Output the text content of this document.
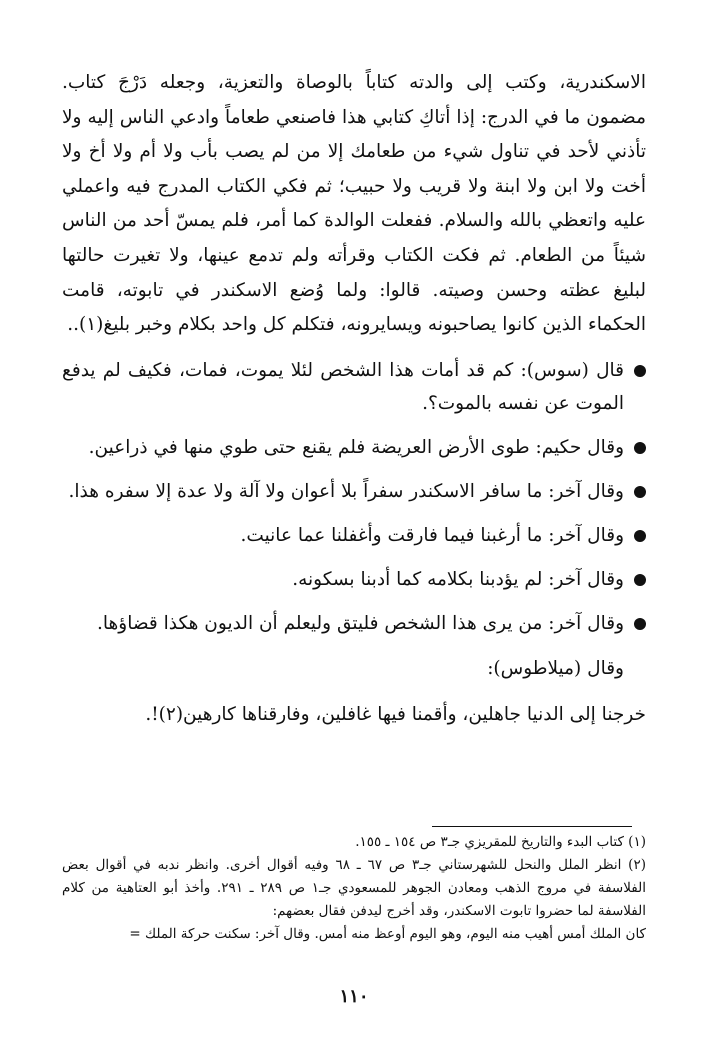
الاسكندرية، وكتب إلى والدته كتاباً بالوصاة والتعزية، وجعله دَرْجَ كتاب. مضمون ما في الدرج: إذا أتاكِ كتابي هذا فاصنعي طعاماً وادعي الناس إليه ولا تأذني لأحد في تناول شيء من طعامك إلا من لم يصب بأب ولا أم ولا أخ ولا أخت ولا ابن ولا ابنة ولا قريب ولا حبيب؛ ثم فكي الكتاب المدرج فيه واعملي عليه واتعظي بالله والسلام. ففعلت الوالدة كما أمر، فلم يمسّ أحد من الناس شيئاً من الطعام. ثم فكت الكتاب وقرأته ولم تدمع عينها، ولا تغيرت حالتها لبليغ عظته وحسن وصيته. قالوا: ولما وُضع الاسكندر في تابوته، قامت الحكماء الذين كانوا يصاحبونه ويسايرونه، فتكلم كل واحد بكلام وخبر بليغ(١)..

قال (سوس): كم قد أمات هذا الشخص لئلا يموت، فمات، فكيف لم يدفع الموت عن نفسه بالموت؟.
وقال حكيم: طوى الأرض العريضة فلم يقنع حتى طوي منها في ذراعين.
وقال آخر: ما سافر الاسكندر سفراً بلا أعوان ولا آلة ولا عدة إلا سفره هذا.
وقال آخر: ما أرغبنا فيما فارقت وأغفلنا عما عانيت.
وقال آخر: لم يؤدبنا بكلامه كما أدبنا بسكونه.
وقال آخر: من يرى هذا الشخص فليتق وليعلم أن الديون هكذا قضاؤها.

وقال (ميلاطوس):

خرجنا إلى الدنيا جاهلين، وأقمنا فيها غافلين، وفارقناها كارهين(٢)!.

(١) كتاب البدء والتاريخ للمقريزي جـ٣ ص ١٥٤ ـ ١٥٥.

(٢) انظر الملل والنحل للشهرستاني جـ٣ ص ٦٧ ـ ٦٨ وفيه أقوال أخرى. وانظر ندبه في أقوال بعض الفلاسفة في مروج الذهب ومعادن الجوهر للمسعودي جـ١ ص ٢٨٩ ـ ٢٩١. وأخذ أبو العتاهية من كلام الفلاسفة لما حضروا تابوت الاسكندر، وقد أخرج ليدفن فقال بعضهم:

كان الملك أمس أهيب منه اليوم، وهو اليوم أوعظ منه أمس. وقال آخر: سكنت حركة الملك =

١١٠
